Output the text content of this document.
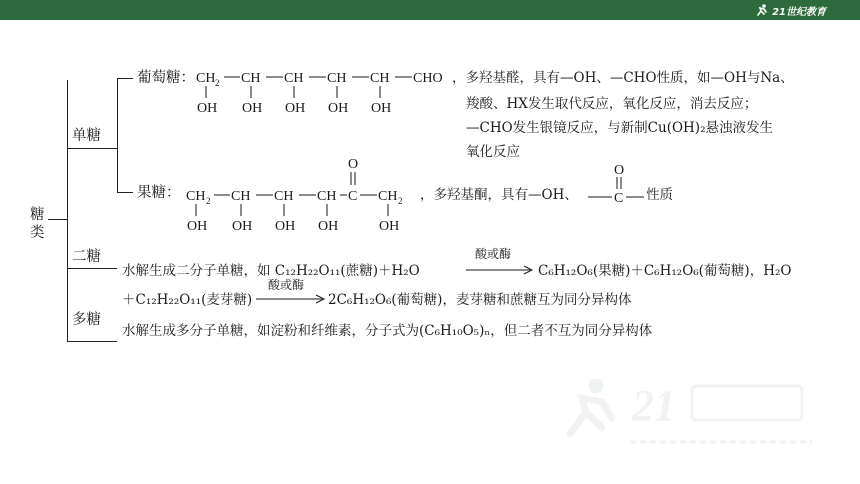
21世纪教育
糖
类
单糖
二糖
多糖
葡萄糖： CH 2 CH CH CH CH CHO
OH OH OH OH OH
，多羟基醛，具有—OH、—CHO性质，如—OH与Na、
羧酸、HX发生取代反应，氧化反应，消去反应；
—CHO发生银镜反应，与新制Cu(OH)₂悬浊液发生
氧化反应
果糖：
O
CH 2 CH CH CH C CH 2
OH OH OH OH	OH
，多羟基酮，具有—OH、
O
C 性质
水解生成二分子单糖，如 C₁₂H₂₂O₁₁(蔗糖)＋H₂O
酸或酶
C₆H₁₂O₆(果糖)＋C₆H₁₂O₆(葡萄糖)，H₂O
＋C₁₂H₂₂O₁₁(麦芽糖)
酸或酶
2C₆H₁₂O₆(葡萄糖)，麦芽糖和蔗糖互为同分异构体
水解生成多分子单糖，如淀粉和纤维素，分子式为(C₆H₁₀O₅)ₙ，但二者不互为同分异构体
21
